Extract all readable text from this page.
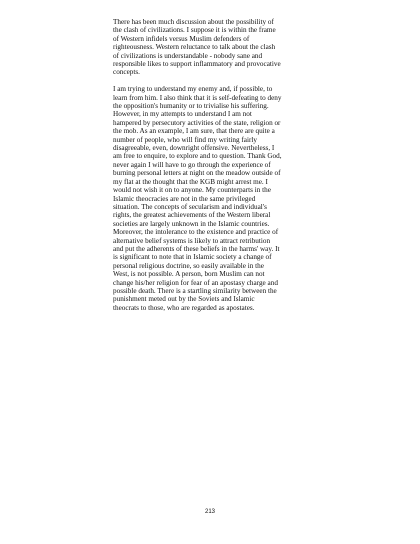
There has been much discussion about the possibility of
the clash of civilizations. I suppose it is within the frame
of Western infidels versus Muslim defenders of
righteousness. Western reluctance to talk about the clash
of civilizations is understandable - nobody sane and
responsible likes to support inflammatory and provocative
concepts.
I am trying to understand my enemy and, if possible, to
learn from him. I also think that it is self-defeating to deny
the opposition's humanity or to trivialise his suffering.
However, in my attempts to understand I am not
hampered by persecutory activities of the state, religion or
the mob. As an example, I am sure, that there are quite a
number of people, who will find my writing fairly
disagreeable, even, downright offensive. Nevertheless, I
am free to enquire, to explore and to question. Thank God,
never again I will have to go through the experience of
burning personal letters at night on the meadow outside of
my flat at the thought that the KGB might arrest me. I
would not wish it on to anyone. My counterparts in the
Islamic theocracies are not in the same privileged
situation. The concepts of secularism and individual's
rights, the greatest achievements of the Western liberal
societies are largely unknown in the Islamic countries.
Moreover, the intolerance to the existence and practice of
alternative belief systems is likely to attract retribution
and put the adherents of these beliefs in the harms' way. It
is significant to note that in Islamic society a change of
personal religious doctrine, so easily available in the
West, is not possible. A person, born Muslim can not
change his/her religion for fear of an apostasy charge and
possible death. There is a startling similarity between the
punishment meted out by the Soviets and Islamic
theocrats to those, who are regarded as apostates.
213
